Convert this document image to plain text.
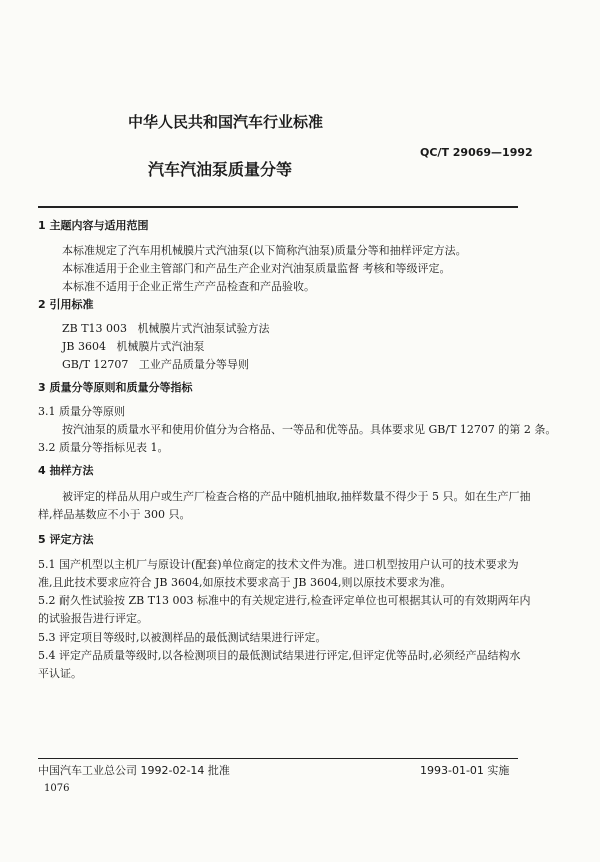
中华人民共和国汽车行业标准
QC/T 29069—1992
汽车汽油泵质量分等
1 主题内容与适用范围
本标准规定了汽车用机械膜片式汽油泵(以下简称汽油泵)质量分等和抽样评定方法。
本标准适用于企业主管部门和产品生产企业对汽油泵质量监督 考核和等级评定。
本标准不适用于企业正常生产产品检查和产品验收。
2 引用标准
ZB T13 003 机械膜片式汽油泵试验方法
JB 3604 机械膜片式汽油泵
GB/T 12707 工业产品质量分等导则
3 质量分等原则和质量分等指标
3.1 质量分等原则
按汽油泵的质量水平和使用价值分为合格品、一等品和优等品。具体要求见 GB/T 12707 的第 2 条。
3.2 质量分等指标见表 1。
4 抽样方法
被评定的样品从用户或生产厂检查合格的产品中随机抽取,抽样数量不得少于 5 只。如在生产厂抽
样,样品基数应不小于 300 只。
5 评定方法
5.1 国产机型以主机厂与原设计(配套)单位商定的技术文件为准。进口机型按用户认可的技术要求为
准,且此技术要求应符合 JB 3604,如原技术要求高于 JB 3604,则以原技术要求为准。
5.2 耐久性试验按 ZB T13 003 标准中的有关规定进行,检查评定单位也可根据其认可的有效期两年内
的试验报告进行评定。
5.3 评定项目等级时,以被测样品的最低测试结果进行评定。
5.4 评定产品质量等级时,以各检测项目的最低测试结果进行评定,但评定优等品时,必须经产品结构水
平认证。
中国汽车工业总公司 1992-02-14 批准	1993-01-01 实施
1076
